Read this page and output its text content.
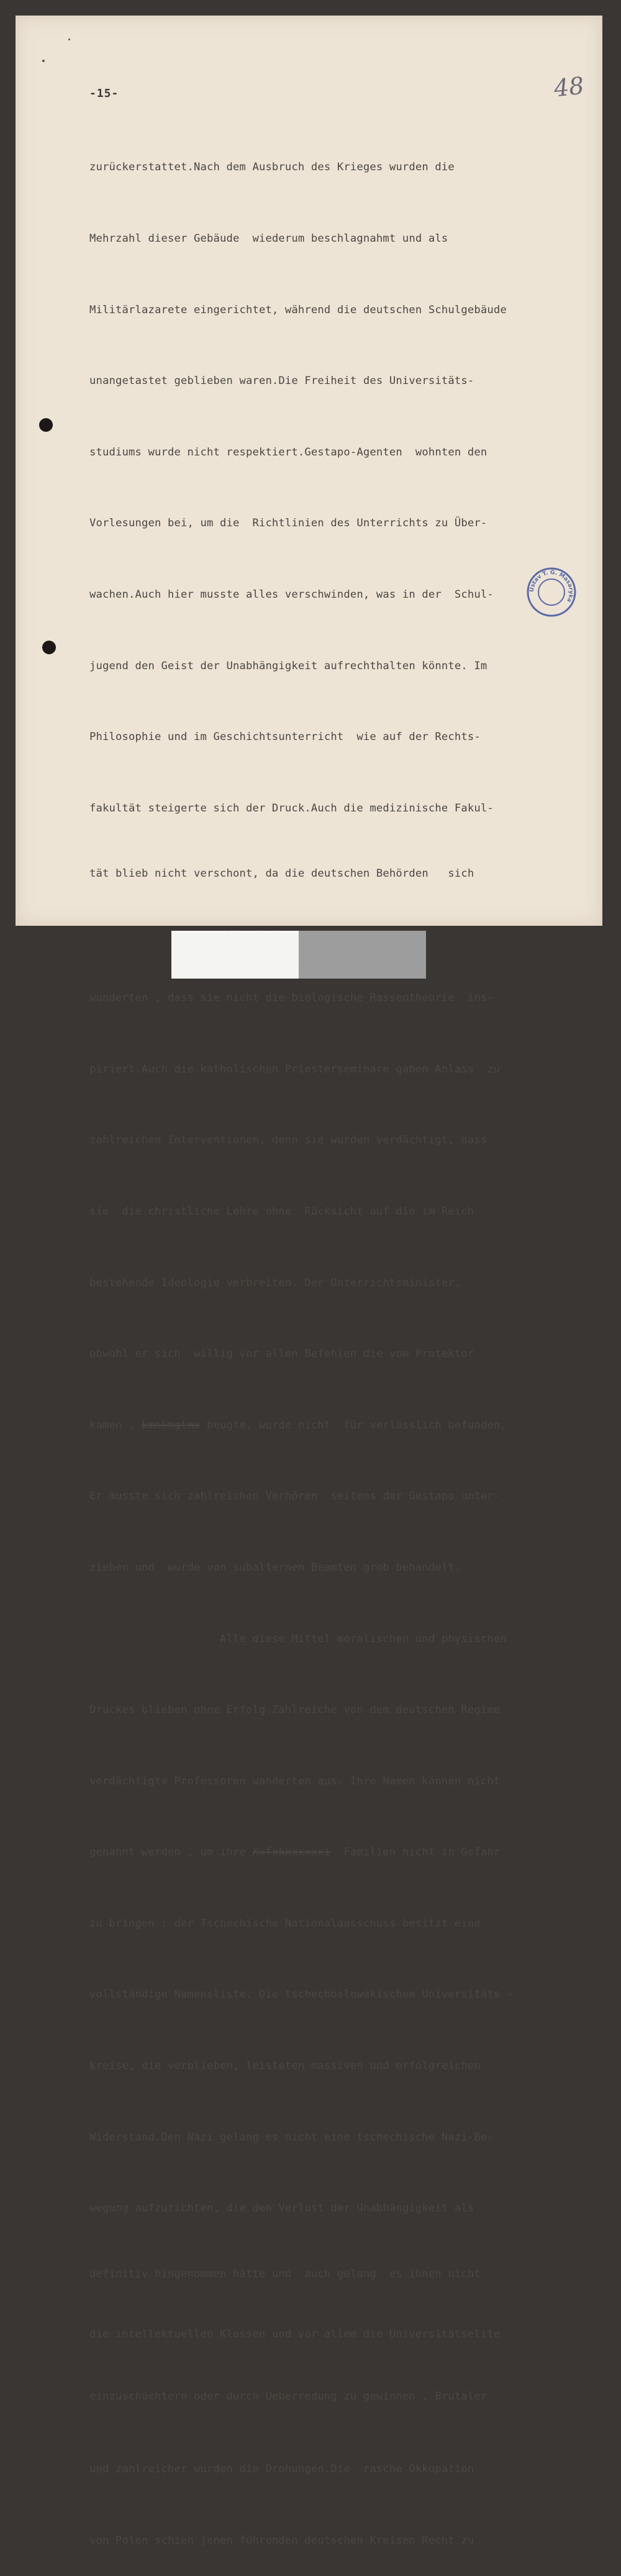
-15-	48

zurückerstattet.Nach dem Ausbruch des Krieges wurden die

Mehrzahl dieser Gebäude  wiederum beschlagnahmt und als

Militärlazarete eingerichtet, während die deutschen Schulgebäude

unangetastet geblieben waren.Die Freiheit des Universitäts-

studiums wurde nicht respektiert.Gestapo-Agenten  wohnten den

Vorlesungen bei, um die  Richtlinien des Unterrichts zu Über-

wachen.Auch hier musste alles verschwinden, was in der  Schul-

jugend den Geist der Unabhängigkeit aufrechthalten könnte. Im

Philosophie und im Geschichtsunterricht  wie auf der Rechts-

fakultät steigerte sich der Druck.Auch die medizinische Fakul-

tät blieb nicht verschont, da die deutschen Behörden   sich

wunderten , dass sie nicht die biologische Rassentheorie  ins-

piriert.Auch die katholischen Priesterseminare gaben Anlass  zu

zahlreichen Interventionen, denn sie wurden verdächtigt, dass

sie  die christliche Lehre ohne  Rücksicht auf die im Reich

bestehende Ideologie verbreiten. Der Unterrichtsminister,

obwohl er sich  willig vor allen Befehlen die vom Protektor

kamen , kmnkmgtmx beugte, wurde nicht  für verlässlich befunden.

Er musste sich zahlreichen Verhören  seitens der Gestapo unter-

ziehen und  wurde von subalternen Beamten grob behandelt.

Alle diese Mittel moralischen und physischen

Druckes blieben ohne Erfolg.Zahlreiche von dem deutschen Regime

verdächtigte Professoren wanderten aus. Ihre Namen können nicht

genannt werden , um ihre Xxfxkxxxxxxi  Familien nicht in Gefahr

zu bringen : der Tschechische Nationalausschuss besitzt eine

vollständige Namensliste. Die tschechoslowakischen Universitäts -

kreise, die verblieben, leisteten massiven und erfolgreichen

Widerstand.Den Nazi gelang es nicht eine tschechische Nazi-Be-

wegung aufzurichten, die den Verlust der Unabhängigkeit als

definitiv hingenommen hätte und  auch gelang  es ihnen nicht

die intellektuellen Klassen und vor allem die Universitätselite

einzuschüchtern oder durch Ueberredung zu gewinnen , Brutaler

und zahlreicher wurden die Drohungen.Die  rasche Okkupation

von Polen schien jenen führenden deutschen Kreisen Recht zu

Ústav T. G. Masaryka
